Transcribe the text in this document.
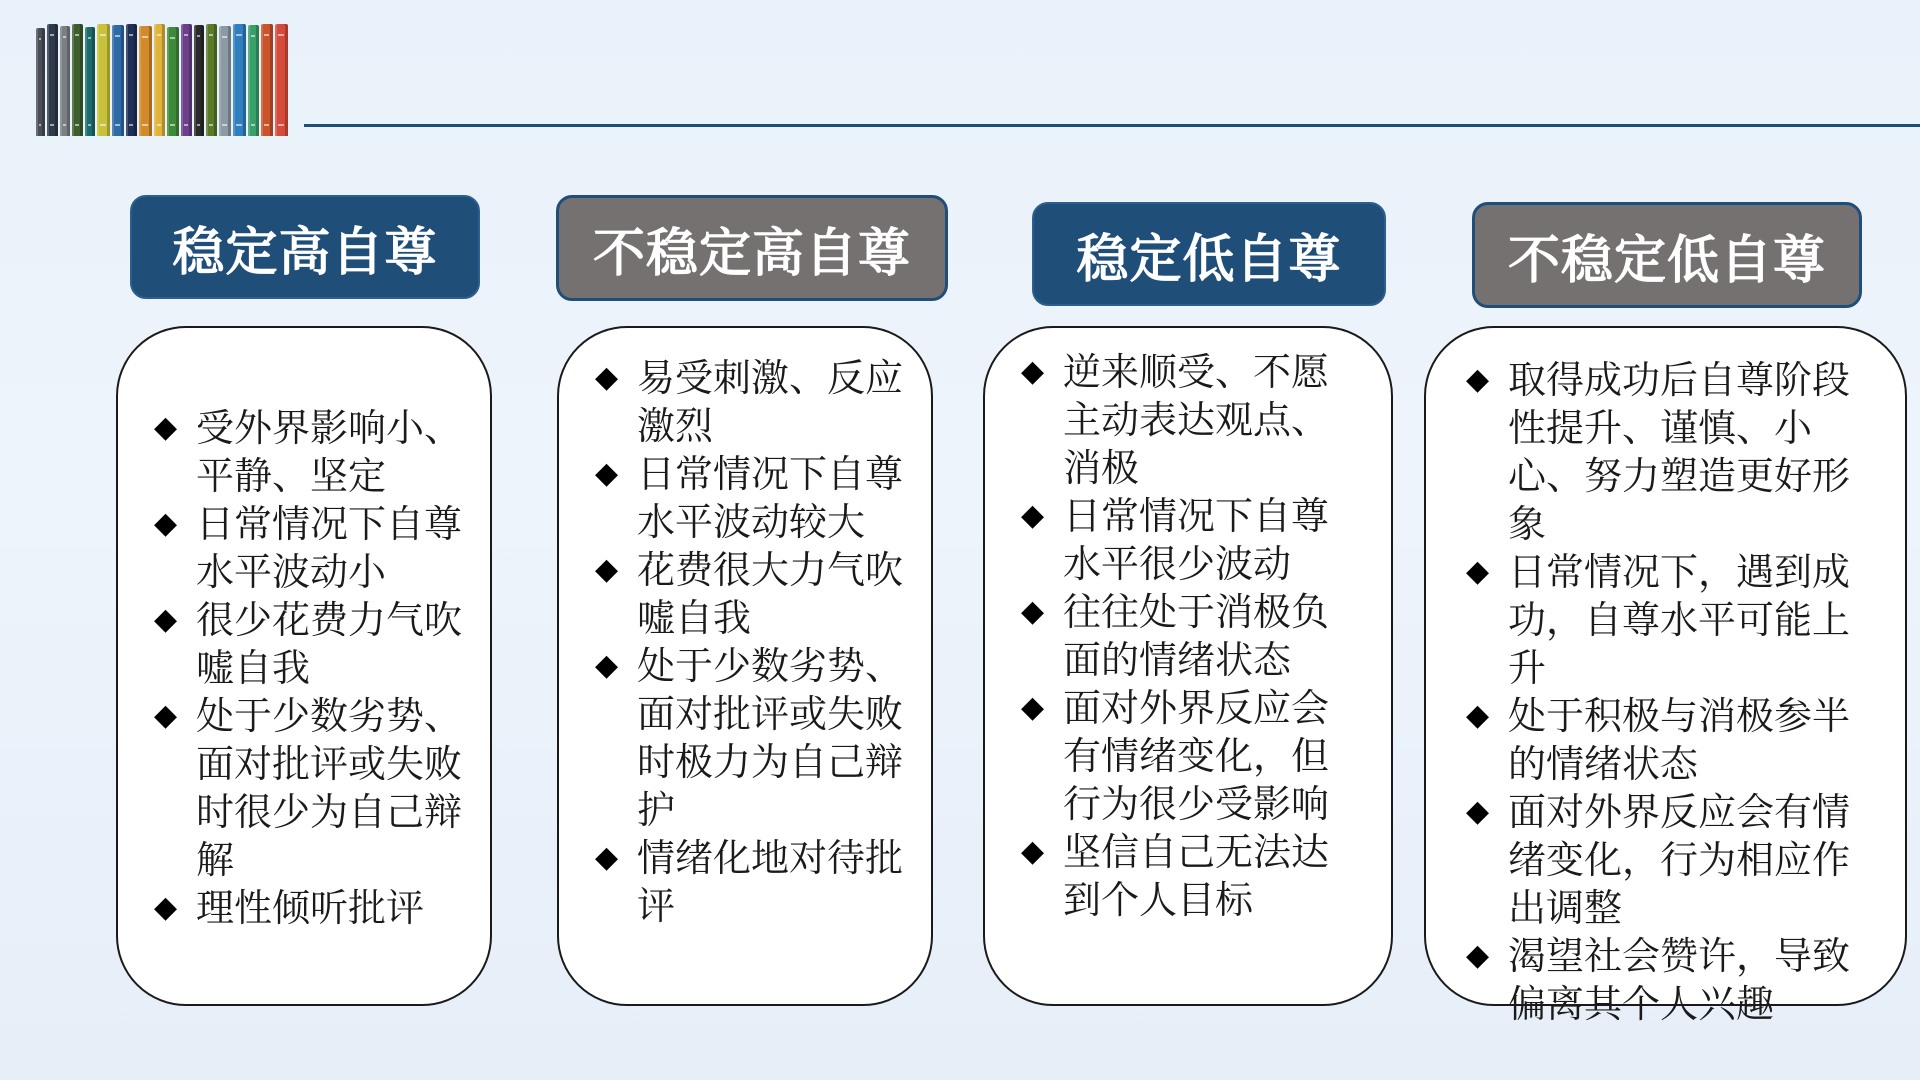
稳定高自尊
◆ 受外界影响小、平静、坚定
◆ 日常情况下自尊水平波动小
◆ 很少花费力气吹嘘自我
◆ 处于少数劣势、面对批评或失败时很少为自己辩解
◆ 理性倾听批评
不稳定高自尊
◆ 易受刺激、反应激烈
◆ 日常情况下自尊水平波动较大
◆ 花费很大力气吹嘘自我
◆ 处于少数劣势、面对批评或失败时极力为自己辩护
◆ 情绪化地对待批评
稳定低自尊
◆ 逆来顺受、不愿主动表达观点、消极
◆ 日常情况下自尊水平很少波动
◆ 往往处于消极负面的情绪状态
◆ 面对外界反应会有情绪变化，但行为很少受影响
◆ 坚信自己无法达到个人目标
不稳定低自尊
◆ 取得成功后自尊阶段性提升、谨慎、小心、努力塑造更好形象
◆ 日常情况下，遇到成功，自尊水平可能上升
◆ 处于积极与消极参半的情绪状态
◆ 面对外界反应会有情绪变化，行为相应作出调整
◆ 渴望社会赞许，导致偏离其个人兴趣
